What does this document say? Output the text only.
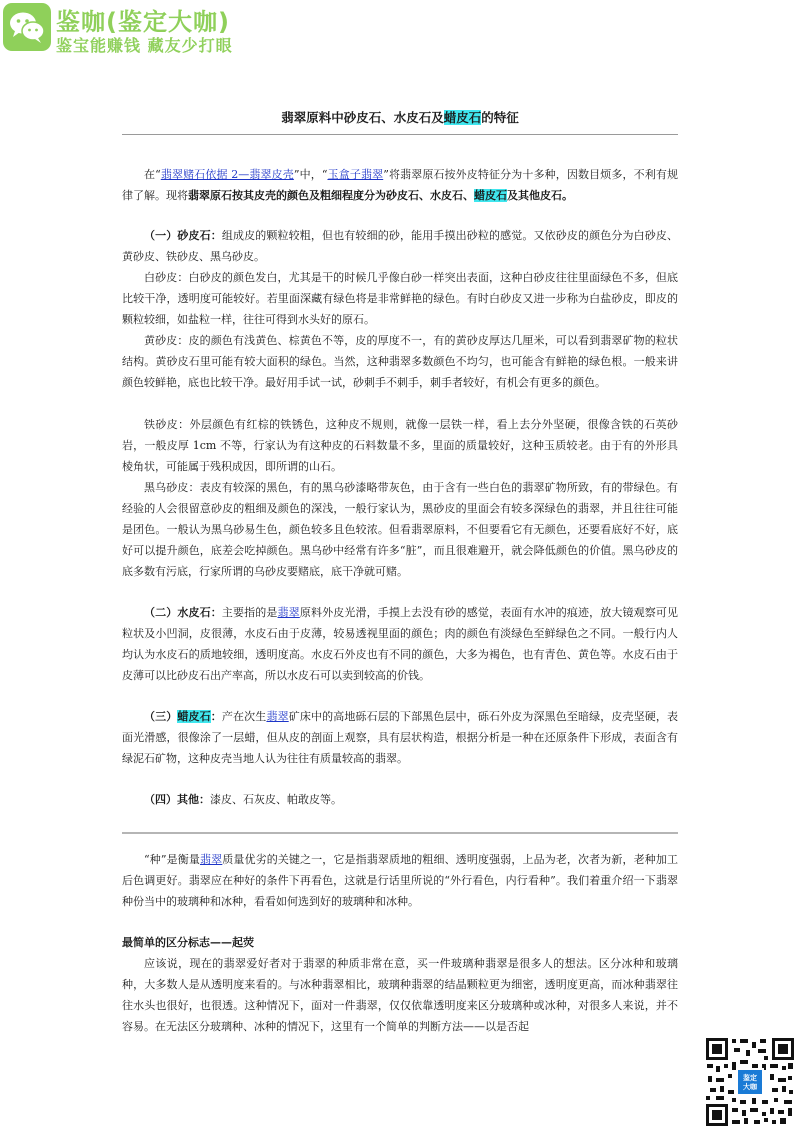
鉴咖(鉴定大咖)
鉴宝能赚钱 藏友少打眼
翡翠原料中砂皮石、水皮石及蜡皮石的特征

在“翡翠赌石依据 2—翡翠皮壳”中，“玉盒子翡翠”将翡翠原石按外皮特征分为十多种，因数目烦多，不利有规律了解。现将翡翠原石按其皮壳的颜色及粗细程度分为砂皮石、水皮石、蜡皮石及其他皮石。

（一）砂皮石：组成皮的颗粒较粗，但也有较细的砂，能用手摸出砂粒的感觉。又依砂皮的颜色分为白砂皮、黄砂皮、铁砂皮、黑乌砂皮。

白砂皮：白砂皮的颜色发白，尤其是干的时候几乎像白砂一样突出表面，这种白砂皮往往里面绿色不多，但底比较干净，透明度可能较好。若里面深藏有绿色将是非常鲜艳的绿色。有时白砂皮又进一步称为白盐砂皮，即皮的颗粒较细，如盐粒一样，往往可得到水头好的原石。

黄砂皮：皮的颜色有浅黄色、棕黄色不等，皮的厚度不一，有的黄砂皮厚达几厘米，可以看到翡翠矿物的粒状结构。黄砂皮石里可能有较大面积的绿色。当然，这种翡翠多数颜色不均匀，也可能含有鲜艳的绿色根。一般来讲颜色较鲜艳，底也比较干净。最好用手试一试，砂刺手不刺手，刺手者较好，有机会有更多的颜色。

铁砂皮：外层颜色有红棕的铁锈色，这种皮不规则，就像一层铁一样，看上去分外坚硬，很像含铁的石英砂岩，一般皮厚 1cm 不等，行家认为有这种皮的石料数量不多，里面的质量较好，这种玉质较老。由于有的外形具棱角状，可能属于残积成因，即所谓的山石。

黑乌砂皮：表皮有较深的黑色，有的黑乌砂漆略带灰色，由于含有一些白色的翡翠矿物所致，有的带绿色。有经验的人会很留意砂皮的粗细及颜色的深浅，一般行家认为，黑砂皮的里面会有较多深绿色的翡翠，并且往往可能是团色。一般认为黑乌砂易生色，颜色较多且色较浓。但看翡翠原料，不但要看它有无颜色，还要看底好不好，底好可以提升颜色，底差会吃掉颜色。黑乌砂中经常有许多“脏”，而且很难避开，就会降低颜色的价值。黑乌砂皮的底多数有污底，行家所谓的乌砂皮要赌底，底干净就可赌。

（二）水皮石：主要指的是翡翠原料外皮光滑，手摸上去没有砂的感觉，表面有水冲的痕迹，放大镜观察可见粒状及小凹洞，皮很薄，水皮石由于皮薄，较易透视里面的颜色；肉的颜色有淡绿色至鲜绿色之不同。一般行内人均认为水皮石的质地较细，透明度高。水皮石外皮也有不同的颜色，大多为褐色，也有青色、黄色等。水皮石由于皮薄可以比砂皮石出产率高，所以水皮石可以卖到较高的价钱。

（三）蜡皮石：产在次生翡翠矿床中的高地砾石层的下部黑色层中，砾石外皮为深黑色至暗绿，皮壳坚硬，表面光滑感，很像涂了一层蜡，但从皮的剖面上观察，具有层状构造，根据分析是一种在还原条件下形成，表面含有绿泥石矿物，这种皮壳当地人认为往往有质量较高的翡翠。

（四）其他：漆皮、石灰皮、帕敢皮等。

“种”是衡量翡翠质量优劣的关键之一，它是指翡翠质地的粗细、透明度强弱，上品为老，次者为新，老种加工后色调更好。翡翠应在种好的条件下再看色，这就是行话里所说的“外行看色，内行看种”。我们着重介绍一下翡翠种份当中的玻璃种和冰种，看看如何选到好的玻璃种和冰种。

最简单的区分标志——起荧

应该说，现在的翡翠爱好者对于翡翠的种质非常在意，买一件玻璃种翡翠是很多人的想法。区分冰种和玻璃种，大多数人是从透明度来看的。与冰种翡翠相比，玻璃种翡翠的结晶颗粒更为细密，透明度更高，而冰种翡翠往往水头也很好，也很透。这种情况下，面对一件翡翠，仅仅依靠透明度来区分玻璃种或冰种，对很多人来说，并不容易。在无法区分玻璃种、冰种的情况下，这里有一个简单的判断方法——以是否起

鉴定
大咖
